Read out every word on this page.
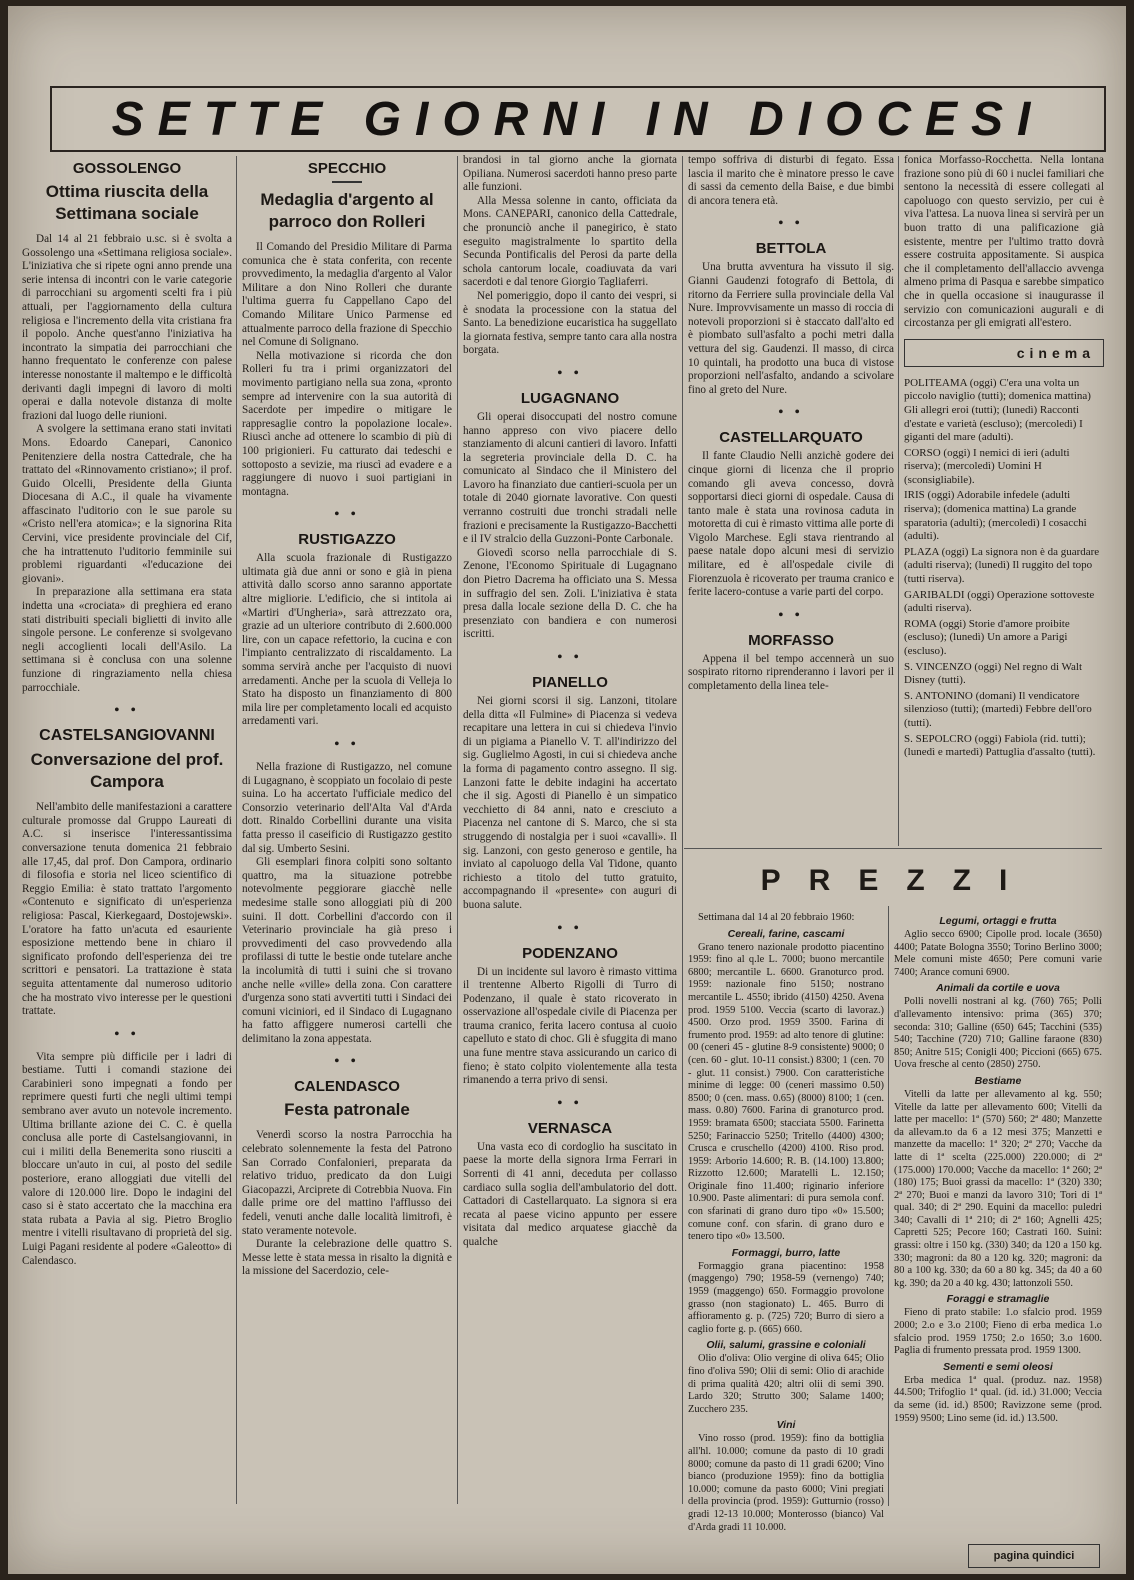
SETTE GIORNI IN DIOCESI
GOSSOLENGO
Ottima riuscita della Settimana sociale

Dal 14 al 21 febbraio u.sc. si è svolta a Gossolengo una «Settimana religiosa sociale». L'iniziativa che si ripete ogni anno prende una serie intensa di incontri con le varie categorie di parrocchiani su argomenti scelti fra i più attuali, per l'aggiornamento della cultura religiosa e l'incremento della vita cristiana fra il popolo. Anche quest'anno l'iniziativa ha incontrato la simpatia dei parrocchiani che hanno frequentato le conferenze con palese interesse nonostante il maltempo e le difficoltà derivanti dagli impegni di lavoro di molti operai e dalla notevole distanza di molte frazioni dal luogo delle riunioni.

A svolgere la settimana erano stati invitati Mons. Edoardo Canepari, Canonico Penitenziere della nostra Cattedrale, che ha trattato del «Rinnovamento cristiano»; il prof. Guido Olcelli, Presidente della Giunta Diocesana di A.C., il quale ha vivamente affascinato l'uditorio con le sue parole su «Cristo nell'era atomica»; e la signorina Rita Cervini, vice presidente provinciale del Cif, che ha intrattenuto l'uditorio femminile sui problemi riguardanti «l'educazione dei giovani».

In preparazione alla settimana era stata indetta una «crociata» di preghiera ed erano stati distribuiti speciali biglietti di invito alle singole persone. Le conferenze si svolgevano negli accoglienti locali dell'Asilo. La settimana si è conclusa con una solenne funzione di ringraziamento nella chiesa parrocchiale.

• •
CASTELSANGIOVANNI
Conversazione del prof. Campora

Nell'ambito delle manifestazioni a carattere culturale promosse dal Gruppo Laureati di A.C. si inserisce l'interessantissima conversazione tenuta domenica 21 febbraio alle 17,45, dal prof. Don Campora, ordinario di filosofia e storia nel liceo scientifico di Reggio Emilia: è stato trattato l'argomento «Contenuto e significato di un'esperienza religiosa: Pascal, Kierkegaard, Dostojewski». L'oratore ha fatto un'acuta ed esauriente esposizione mettendo bene in chiaro il significato profondo dell'esperienza dei tre scrittori e pensatori. La trattazione è stata seguita attentamente dal numeroso uditorio che ha mostrato vivo interesse per le questioni trattate.

• •

Vita sempre più difficile per i ladri di bestiame. Tutti i comandi stazione dei Carabinieri sono impegnati a fondo per reprimere questi furti che negli ultimi tempi sembrano aver avuto un notevole incremento. Ultima brillante azione dei C. C. è quella conclusa alle porte di Castelsangiovanni, in cui i militi della Benemerita sono riusciti a bloccare un'auto in cui, al posto del sedile posteriore, erano alloggiati due vitelli del valore di 120.000 lire. Dopo le indagini del caso si è stato accertato che la macchina era stata rubata a Pavia al sig. Pietro Broglio mentre i vitelli risultavano di proprietà del sig. Luigi Pagani residente al podere «Galeotto» di Calendasco.

SPECCHIO
Medaglia d'argento al parroco don Rolleri

Il Comando del Presidio Militare di Parma comunica che è stata conferita, con recente provvedimento, la medaglia d'argento al Valor Militare a don Nino Rolleri che durante l'ultima guerra fu Cappellano Capo del Comando Militare Unico Parmense ed attualmente parroco della frazione di Specchio nel Comune di Solignano.

Nella motivazione si ricorda che don Rolleri fu tra i primi organizzatori del movimento partigiano nella sua zona, «pronto sempre ad intervenire con la sua autorità di Sacerdote per impedire o mitigare le rappresaglie contro la popolazione locale». Riuscì anche ad ottenere lo scambio di più di 100 prigionieri. Fu catturato dai tedeschi e sottoposto a sevizie, ma riuscì ad evadere e a raggiungere di nuovo i suoi partigiani in montagna.

• •
RUSTIGAZZO

Alla scuola frazionale di Rustigazzo ultimata già due anni or sono e già in piena attività dallo scorso anno saranno apportate altre migliorie. L'edificio, che si intitola ai «Martiri d'Ungheria», sarà attrezzato ora, grazie ad un ulteriore contributo di 2.600.000 lire, con un capace refettorio, la cucina e con l'impianto centralizzato di riscaldamento. La somma servirà anche per l'acquisto di nuovi arredamenti. Anche per la scuola di Velleja lo Stato ha disposto un finanziamento di 800 mila lire per completamento locali ed acquisto arredamenti vari.

• •

Nella frazione di Rustigazzo, nel comune di Lugagnano, è scoppiato un focolaio di peste suina. Lo ha accertato l'ufficiale medico del Consorzio veterinario dell'Alta Val d'Arda dott. Rinaldo Corbellini durante una visita fatta presso il caseificio di Rustigazzo gestito dal sig. Umberto Sesini.

Gli esemplari finora colpiti sono soltanto quattro, ma la situazione potrebbe notevolmente peggiorare giacchè nelle medesime stalle sono alloggiati più di 200 suini. Il dott. Corbellini d'accordo con il Veterinario provinciale ha già preso i provvedimenti del caso provvedendo alla profilassi di tutte le bestie onde tutelare anche la incolumità di tutti i suini che si trovano anche nelle «ville» della zona. Con carattere d'urgenza sono stati avvertiti tutti i Sindaci dei comuni viciniori, ed il Sindaco di Lugagnano ha fatto affiggere numerosi cartelli che delimitano la zona appestata.

• •
CALENDASCO
Festa patronale

Venerdì scorso la nostra Parrocchia ha celebrato solennemente la festa del Patrono San Corrado Confalonieri, preparata da relativo triduo, predicato da don Luigi Giacopazzi, Arciprete di Cotrebbia Nuova. Fin dalle prime ore del mattino l'afflusso dei fedeli, venuti anche dalle località limitrofi, è stato veramente notevole.

Durante la celebrazione delle quattro S. Messe lette è stata messa in risalto la dignità e la missione del Sacerdozio, cele-

brandosi in tal giorno anche la giornata Opiliana. Numerosi sacerdoti hanno preso parte alle funzioni.

Alla Messa solenne in canto, officiata da Mons. CANEPARI, canonico della Cattedrale, che pronunciò anche il panegirico, è stato eseguito magistralmente lo spartito della Secunda Pontificalis del Perosi da parte della schola cantorum locale, coadiuvata da vari sacerdoti e dal tenore Giorgio Tagliaferri.

Nel pomeriggio, dopo il canto dei vespri, si è snodata la processione con la statua del Santo. La benedizione eucaristica ha suggellato la giornata festiva, sempre tanto cara alla nostra borgata.

• •
LUGAGNANO

Gli operai disoccupati del nostro comune hanno appreso con vivo piacere dello stanziamento di alcuni cantieri di lavoro. Infatti la segreteria provinciale della D. C. ha comunicato al Sindaco che il Ministero del Lavoro ha finanziato due cantieri-scuola per un totale di 2040 giornate lavorative. Con questi verranno costruiti due tronchi stradali nelle frazioni e precisamente la Rustigazzo-Bacchetti e il IV stralcio della Guzzoni-Ponte Carbonale.

Giovedì scorso nella parrocchiale di S. Zenone, l'Economo Spirituale di Lugagnano don Pietro Dacrema ha officiato una S. Messa in suffragio del sen. Zoli. L'iniziativa è stata presa dalla locale sezione della D. C. che ha presenziato con bandiera e con numerosi iscritti.

• •
PIANELLO

Nei giorni scorsi il sig. Lanzoni, titolare della ditta «Il Fulmine» di Piacenza si vedeva recapitare una lettera in cui si chiedeva l'invio di un pigiama a Pianello V. T. all'indirizzo del sig. Guglielmo Agosti, in cui si chiedeva anche la forma di pagamento contro assegno. Il sig. Lanzoni fatte le debite indagini ha accertato che il sig. Agosti di Pianello è un simpatico vecchietto di 84 anni, nato e cresciuto a Piacenza nel cantone di S. Marco, che si sta struggendo di nostalgia per i suoi «cavalli». Il sig. Lanzoni, con gesto generoso e gentile, ha inviato al capoluogo della Val Tidone, quanto richiesto a titolo del tutto gratuito, accompagnando il «presente» con auguri di buona salute.

• •
PODENZANO

Di un incidente sul lavoro è rimasto vittima il trentenne Alberto Rigolli di Turro di Podenzano, il quale è stato ricoverato in osservazione all'ospedale civile di Piacenza per trauma cranico, ferita lacero contusa al cuoio capelluto e stato di choc. Gli è sfuggita di mano una fune mentre stava assicurando un carico di fieno; è stato colpito violentemente alla testa rimanendo a terra privo di sensi.

• •
VERNASCA

Una vasta eco di cordoglio ha suscitato in paese la morte della signora Irma Ferrari in Sorrenti di 41 anni, deceduta per collasso cardiaco sulla soglia dell'ambulatorio del dott. Cattadori di Castellarquato. La signora si era recata al paese vicino appunto per essere visitata dal medico arquatese giacchè da qualche

tempo soffriva di disturbi di fegato. Essa lascia il marito che è minatore presso le cave di sassi da cemento della Baise, e due bimbi di ancora tenera età.

• •
BETTOLA

Una brutta avventura ha vissuto il sig. Gianni Gaudenzi fotografo di Bettola, di ritorno da Ferriere sulla provinciale della Val Nure. Improvvisamente un masso di roccia di notevoli proporzioni si è staccato dall'alto ed è piombato sull'asfalto a pochi metri dalla vettura del sig. Gaudenzi. Il masso, di circa 10 quintali, ha prodotto una buca di vistose proporzioni nell'asfalto, andando a scivolare fino al greto del Nure.

• •
CASTELLARQUATO

Il fante Claudio Nelli anzichè godere dei cinque giorni di licenza che il proprio comando gli aveva concesso, dovrà sopportarsi dieci giorni di ospedale. Causa di tanto male è stata una rovinosa caduta in motoretta di cui è rimasto vittima alle porte di Vigolo Marchese. Egli stava rientrando al paese natale dopo alcuni mesi di servizio militare, ed è all'ospedale civile di Fiorenzuola è ricoverato per trauma cranico e ferite lacero-contuse a varie parti del corpo.

• •
MORFASSO

Appena il bel tempo accennerà un suo sospirato ritorno riprenderanno i lavori per il completamento della linea tele-

fonica Morfasso-Rocchetta. Nella lontana frazione sono più di 60 i nuclei familiari che sentono la necessità di essere collegati al capoluogo con questo servizio, per cui è viva l'attesa. La nuova linea si servirà per un buon tratto di una palificazione già esistente, mentre per l'ultimo tratto dovrà essere costruita appositamente. Si auspica che il completamento dell'allaccio avvenga almeno prima di Pasqua e sarebbe simpatico che in quella occasione si inaugurasse il servizio con comunicazioni augurali e di circostanza per gli emigrati all'estero.

cinema

POLITEAMA (oggi) C'era una volta un piccolo naviglio (tutti); domenica mattina) Gli allegri eroi (tutti); (lunedì) Racconti d'estate e varietà (escluso); (mercoledì) I giganti del mare (adulti).

CORSO (oggi) I nemici di ieri (adulti riserva); (mercoledì) Uomini H (sconsigliabile).

IRIS (oggi) Adorabile infedele (adulti riserva); (domenica mattina) La grande sparatoria (adulti); (mercoledì) I cosacchi (adulti).

PLAZA (oggi) La signora non è da guardare (adulti riserva); (lunedì) Il ruggito del topo (tutti riserva).

GARIBALDI (oggi) Operazione sottoveste (adulti riserva).

ROMA (oggi) Storie d'amore proibite (escluso); (lunedì) Un amore a Parigi (escluso).

S. VINCENZO (oggi) Nel regno di Walt Disney (tutti).

S. ANTONINO (domani) Il vendicatore silenzioso (tutti); (martedì) Febbre dell'oro (tutti).

S. SEPOLCRO (oggi) Fabiola (rid. tutti); (lunedì e martedì) Pattuglia d'assalto (tutti).

PREZZI

Settimana dal 14 al 20 febbraio 1960:

Cereali, farine, cascami

Grano tenero nazionale prodotto piacentino 1959: fino al q.le L. 7000; buono mercantile 6800; mercantile L. 6600. Granoturco prod. 1959: nazionale fino 5150; nostrano mercantile L. 4550; ibrido (4150) 4250. Avena prod. 1959 5100. Veccia (scarto di lavoraz.) 4500. Orzo prod. 1959 3500. Farina di frumento prod. 1959: ad alto tenore di glutine: 00 (ceneri 45 - glutine 8-9 consistente) 9000; 0 (cen. 60 - glut. 10-11 consist.) 8300; 1 (cen. 70 - glut. 11 consist.) 7900. Con caratteristiche minime di legge: 00 (ceneri massimo 0.50) 8500; 0 (cen. mass. 0.65) (8000) 8100; 1 (cen. mass. 0.80) 7600. Farina di granoturco prod. 1959: bramata 6500; stacciata 5500. Farinetta 5250; Farinaccio 5250; Tritello (4400) 4300; Crusca e cruschello (4200) 4100. Riso prod. 1959: Arborio 14.600; R. B. (14.100) 13.800; Rizzotto 12.600; Maratelli L. 12.150; Originale fino 11.400; riginario inferiore 10.900. Paste alimentari: di pura semola conf. con sfarinati di grano duro tipo «0» 15.500; comune conf. con sfarin. di grano duro e tenero tipo «0» 13.500.

Formaggi, burro, latte

Formaggio grana piacentino: 1958 (maggengo) 790; 1958-59 (vernengo) 740; 1959 (maggengo) 650. Formaggio provolone grasso (non stagionato) L. 465. Burro di affioramento g. p. (725) 720; Burro di siero a caglio forte g. p. (665) 660.

Olii, salumi, grassine e coloniali

Olio d'oliva: Olio vergine di oliva 645; Olio fino d'oliva 590; Olii di semi: Olio di arachide di prima qualità 420; altri olii di semi 390. Lardo 320; Strutto 300; Salame 1400; Zucchero 235.

Vini

Vino rosso (prod. 1959): fino da bottiglia all'hl. 10.000; comune da pasto di 10 gradi 8000; comune da pasto di 11 gradi 6200; Vino bianco (produzione 1959): fino da bottiglia 10.000; comune da pasto 6000; Vini pregiati della provincia (prod. 1959): Gutturnio (rosso) gradi 12-13 10.000; Monterosso (bianco) Val d'Arda gradi 11 10.000.

Legumi, ortaggi e frutta

Aglio secco 6900; Cipolle prod. locale (3650) 4400; Patate Bologna 3550; Torino Berlino 3000; Mele comuni miste 4650; Pere comuni varie 7400; Arance comuni 6900.

Animali da cortile e uova

Polli novelli nostrani al kg. (760) 765; Polli d'allevamento intensivo: prima (365) 370; seconda: 310; Galline (650) 645; Tacchini (535) 540; Tacchine (720) 710; Galline faraone (830) 850; Anitre 515; Conigli 400; Piccioni (665) 675. Uova fresche al cento (2850) 2750.

Bestiame

Vitelli da latte per allevamento al kg. 550; Vitelle da latte per allevamento 600; Vitelli da latte per macello: 1ª (570) 560; 2ª 480; Manzette da allevam.to da 6 a 12 mesi 375; Manzetti e manzette da macello: 1ª 320; 2ª 270; Vacche da latte di 1ª scelta (225.000) 220.000; di 2ª (175.000) 170.000; Vacche da macello: 1ª 260; 2ª (180) 175; Buoi grassi da macello: 1ª (320) 330; 2ª 270; Buoi e manzi da lavoro 310; Tori di 1ª qual. 340; di 2ª 290. Equini da macello: puledri 340; Cavalli di 1ª 210; di 2ª 160; Agnelli 425; Capretti 525; Pecore 160; Castrati 160. Suini: grassi: oltre i 150 kg. (330) 340; da 120 a 150 kg. 330; magroni: da 80 a 120 kg. 320; magroni: da 80 a 100 kg. 330; da 60 a 80 kg. 345; da 40 a 60 kg. 390; da 20 a 40 kg. 430; lattonzoli 550.

Foraggi e stramaglie

Fieno di prato stabile: 1.o sfalcio prod. 1959 2000; 2.o e 3.o 2100; Fieno di erba medica 1.o sfalcio prod. 1959 1750; 2.o 1650; 3.o 1600. Paglia di frumento pressata prod. 1959 1300.

Sementi e semi oleosi

Erba medica 1ª qual. (produz. naz. 1958) 44.500; Trifoglio 1ª qual. (id. id.) 31.000; Veccia da seme (id. id.) 8500; Ravizzone seme (prod. 1959) 9500; Lino seme (id. id.) 13.500.

pagina quindici
